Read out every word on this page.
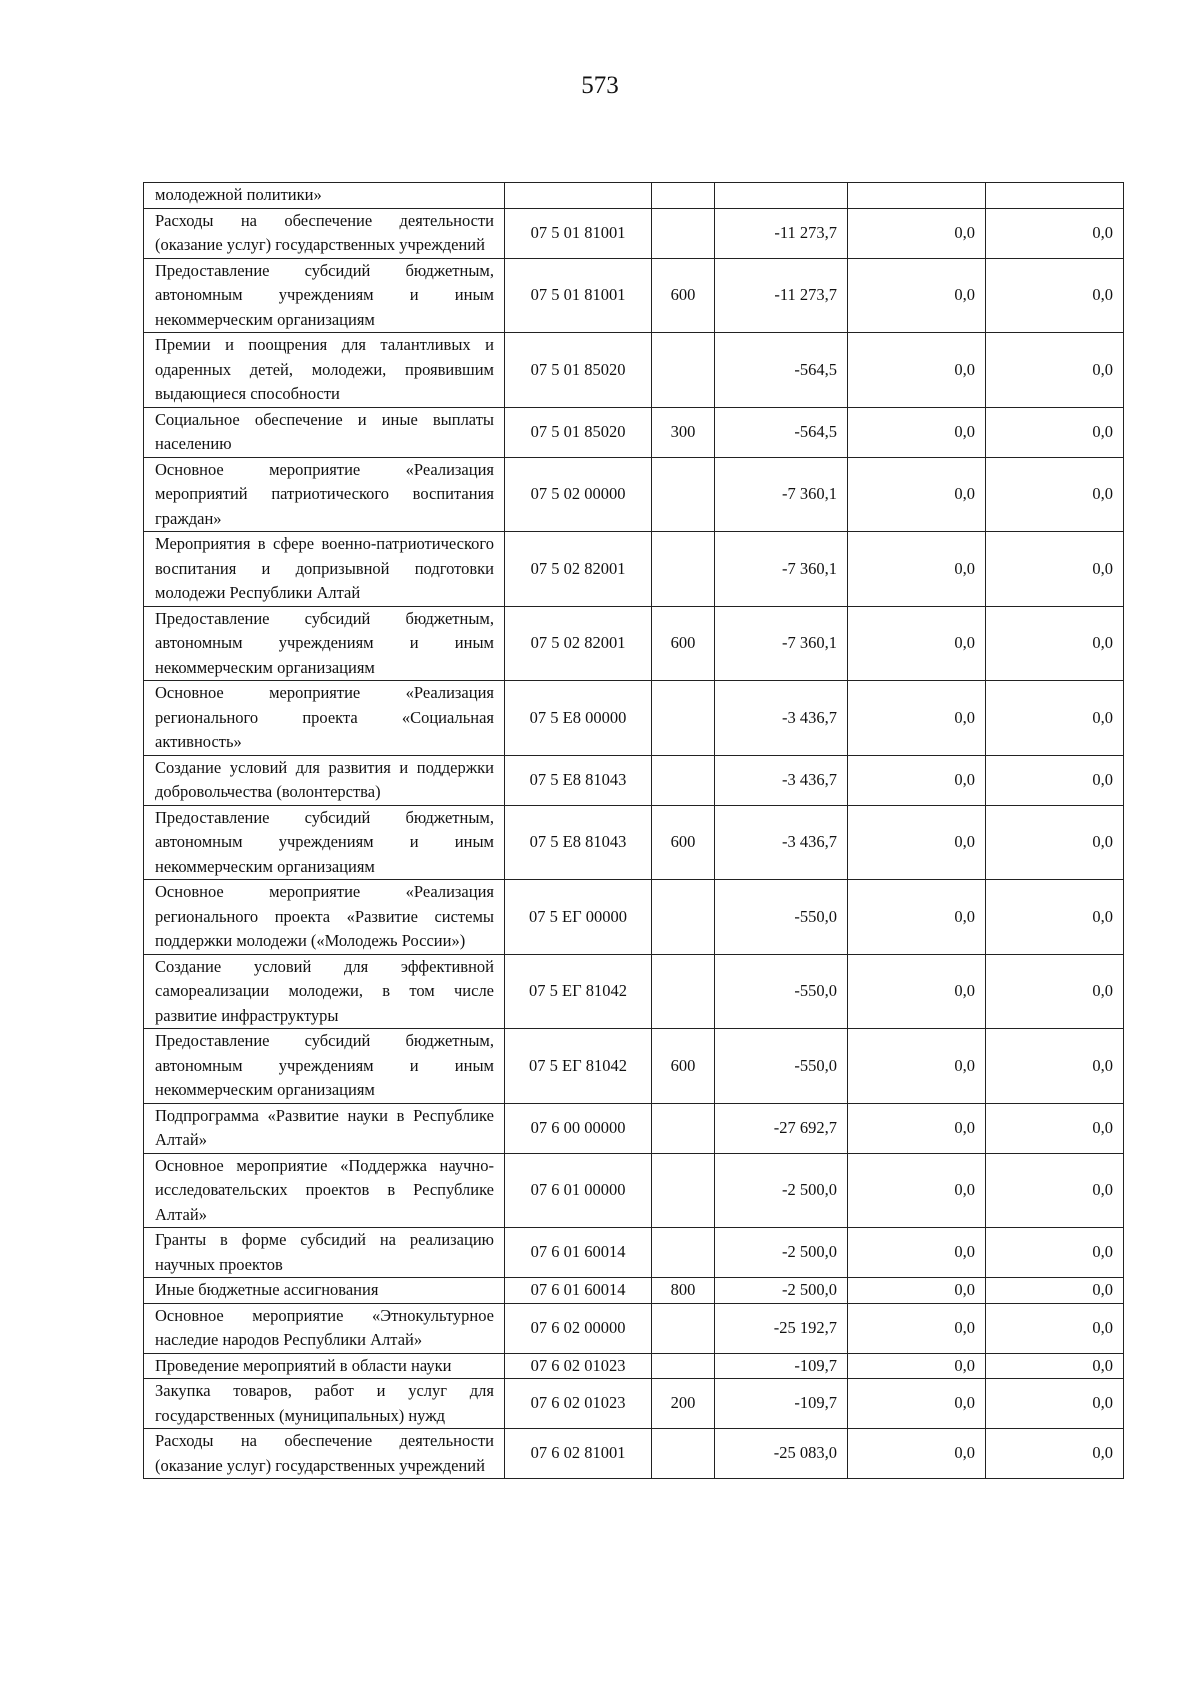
573
молодежной политики»					
Расходы на обеспечение деятельности (оказание услуг) государственных учреждений	07 5 01 81001		-11 273,7	0,0	0,0
Предоставление субсидий бюджетным, автономным учреждениям и иным некоммерческим организациям	07 5 01 81001	600	-11 273,7	0,0	0,0
Премии и поощрения для талантливых и одаренных детей, молодежи, проявившим выдающиеся способности	07 5 01 85020		-564,5	0,0	0,0
Социальное обеспечение и иные выплаты населению	07 5 01 85020	300	-564,5	0,0	0,0
Основное мероприятие «Реализация мероприятий патриотического воспитания граждан»	07 5 02 00000		-7 360,1	0,0	0,0
Мероприятия в сфере военно-патриотического воспитания и допризывной подготовки молодежи Республики Алтай	07 5 02 82001		-7 360,1	0,0	0,0
Предоставление субсидий бюджетным, автономным учреждениям и иным некоммерческим организациям	07 5 02 82001	600	-7 360,1	0,0	0,0
Основное мероприятие «Реализация регионального проекта «Социальная активность»	07 5 E8 00000		-3 436,7	0,0	0,0
Создание условий для развития и поддержки добровольчества (волонтерства)	07 5 E8 81043		-3 436,7	0,0	0,0
Предоставление субсидий бюджетным, автономным учреждениям и иным некоммерческим организациям	07 5 E8 81043	600	-3 436,7	0,0	0,0
Основное мероприятие «Реализация регионального проекта «Развитие системы поддержки молодежи («Молодежь России»)	07 5 ЕГ 00000		-550,0	0,0	0,0
Создание условий для эффективной самореализации молодежи, в том числе развитие инфраструктуры	07 5 ЕГ 81042		-550,0	0,0	0,0
Предоставление субсидий бюджетным, автономным учреждениям и иным некоммерческим организациям	07 5 ЕГ 81042	600	-550,0	0,0	0,0
Подпрограмма «Развитие науки в Республике Алтай»	07 6 00 00000		-27 692,7	0,0	0,0
Основное мероприятие «Поддержка научно-исследовательских проектов в Республике Алтай»	07 6 01 00000		-2 500,0	0,0	0,0
Гранты в форме субсидий на реализацию научных проектов	07 6 01 60014		-2 500,0	0,0	0,0
Иные бюджетные ассигнования	07 6 01 60014	800	-2 500,0	0,0	0,0
Основное мероприятие «Этнокультурное наследие народов Республики Алтай»	07 6 02 00000		-25 192,7	0,0	0,0
Проведение мероприятий в области науки	07 6 02 01023		-109,7	0,0	0,0
Закупка товаров, работ и услуг для государственных (муниципальных) нужд	07 6 02 01023	200	-109,7	0,0	0,0
Расходы на обеспечение деятельности (оказание услуг) государственных учреждений	07 6 02 81001		-25 083,0	0,0	0,0
